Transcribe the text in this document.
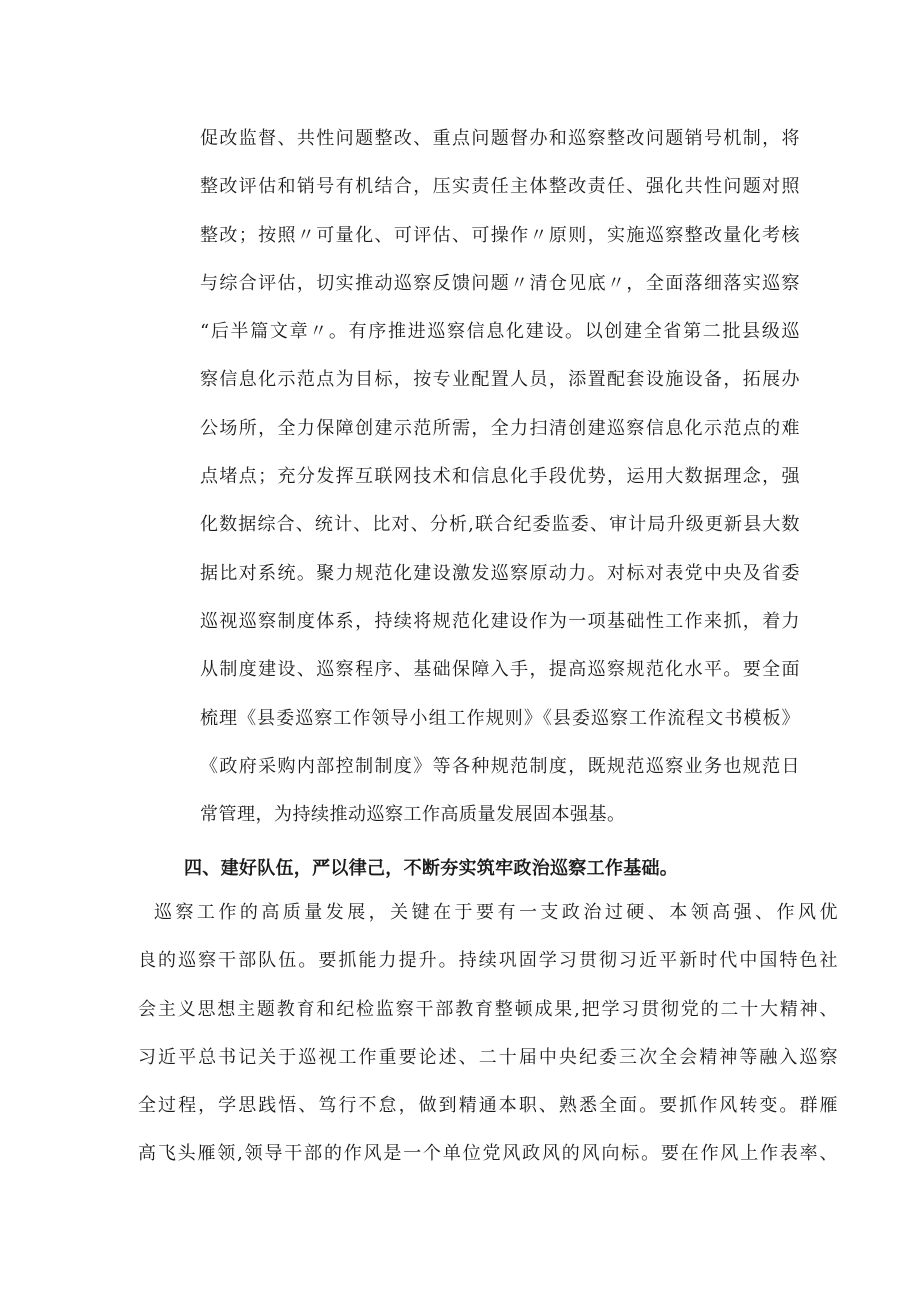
促改监督、共性问题整改、重点问题督办和巡察整改问题销号机制，将
整改评估和销号有机结合，压实责任主体整改责任、强化共性问题对照
整改；按照〃可量化、可评估、可操作〃原则，实施巡察整改量化考核
与综合评估，切实推动巡察反馈问题〃清仓见底〃，全面落细落实巡察
“后半篇文章〃。有序推进巡察信息化建设。以创建全省第二批县级巡
察信息化示范点为目标，按专业配置人员，添置配套设施设备，拓展办
公场所，全力保障创建示范所需，全力扫清创建巡察信息化示范点的难
点堵点；充分发挥互联网技术和信息化手段优势，运用大数据理念，强
化数据综合、统计、比对、分析,联合纪委监委、审计局升级更新县大数
据比对系统。聚力规范化建设激发巡察原动力。对标对表党中央及省委
巡视巡察制度体系，持续将规范化建设作为一项基础性工作来抓，着力
从制度建设、巡察程序、基础保障入手，提高巡察规范化水平。要全面
梳理《县委巡察工作领导小组工作规则》《县委巡察工作流程文书模板》
《政府采购内部控制制度》等各种规范制度，既规范巡察业务也规范日
常管理，为持续推动巡察工作高质量发展固本强基。
四、建好队伍，严以律己，不断夯实筑牢政治巡察工作基础。
巡察工作的高质量发展，关键在于要有一支政治过硬、本领高强、作风优
良的巡察干部队伍。要抓能力提升。持续巩固学习贯彻习近平新时代中国特色社
会主义思想主题教育和纪检监察干部教育整顿成果,把学习贯彻党的二十大精神、
习近平总书记关于巡视工作重要论述、二十届中央纪委三次全会精神等融入巡察
全过程，学思践悟、笃行不怠，做到精通本职、熟悉全面。要抓作风转变。群雁
高飞头雁领,领导干部的作风是一个单位党风政风的风向标。要在作风上作表率、
